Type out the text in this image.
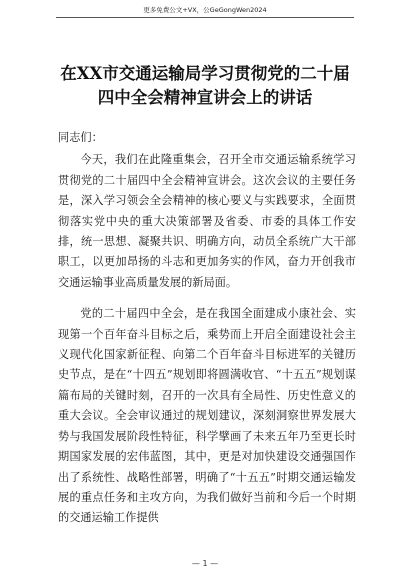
更多免费公文+VX，公GeGongWen2024
在XX市交通运输局学习贯彻党的二十届
四中全会精神宣讲会上的讲话
同志们：

今天，我们在此隆重集会，召开全市交通运输系统学习贯彻党的二十届四中全会精神宣讲会。这次会议的主要任务是，深入学习领会全会精神的核心要义与实践要求，全面贯彻落实党中央的重大决策部署及省委、市委的具体工作安排，统一思想、凝聚共识、明确方向，动员全系统广大干部职工，以更加昂扬的斗志和更加务实的作风，奋力开创我市交通运输事业高质量发展的新局面。

党的二十届四中全会，是在我国全面建成小康社会、实现第一个百年奋斗目标之后，乘势而上开启全面建设社会主义现代化国家新征程、向第二个百年奋斗目标进军的关键历史节点，是在“十四五”规划即将圆满收官、“十五五”规划谋篇布局的关键时刻，召开的一次具有全局性、历史性意义的重大会议。全会审议通过的规划建议，深刻洞察世界发展大势与我国发展阶段性特征，科学擘画了未来五年乃至更长时期国家发展的宏伟蓝图，其中，更是对加快建设交通强国作出了系统性、战略性部署，明确了“十五五”时期交通运输发展的重点任务和主攻方向，为我们做好当前和今后一个时期的交通运输工作提供

— 1 —
